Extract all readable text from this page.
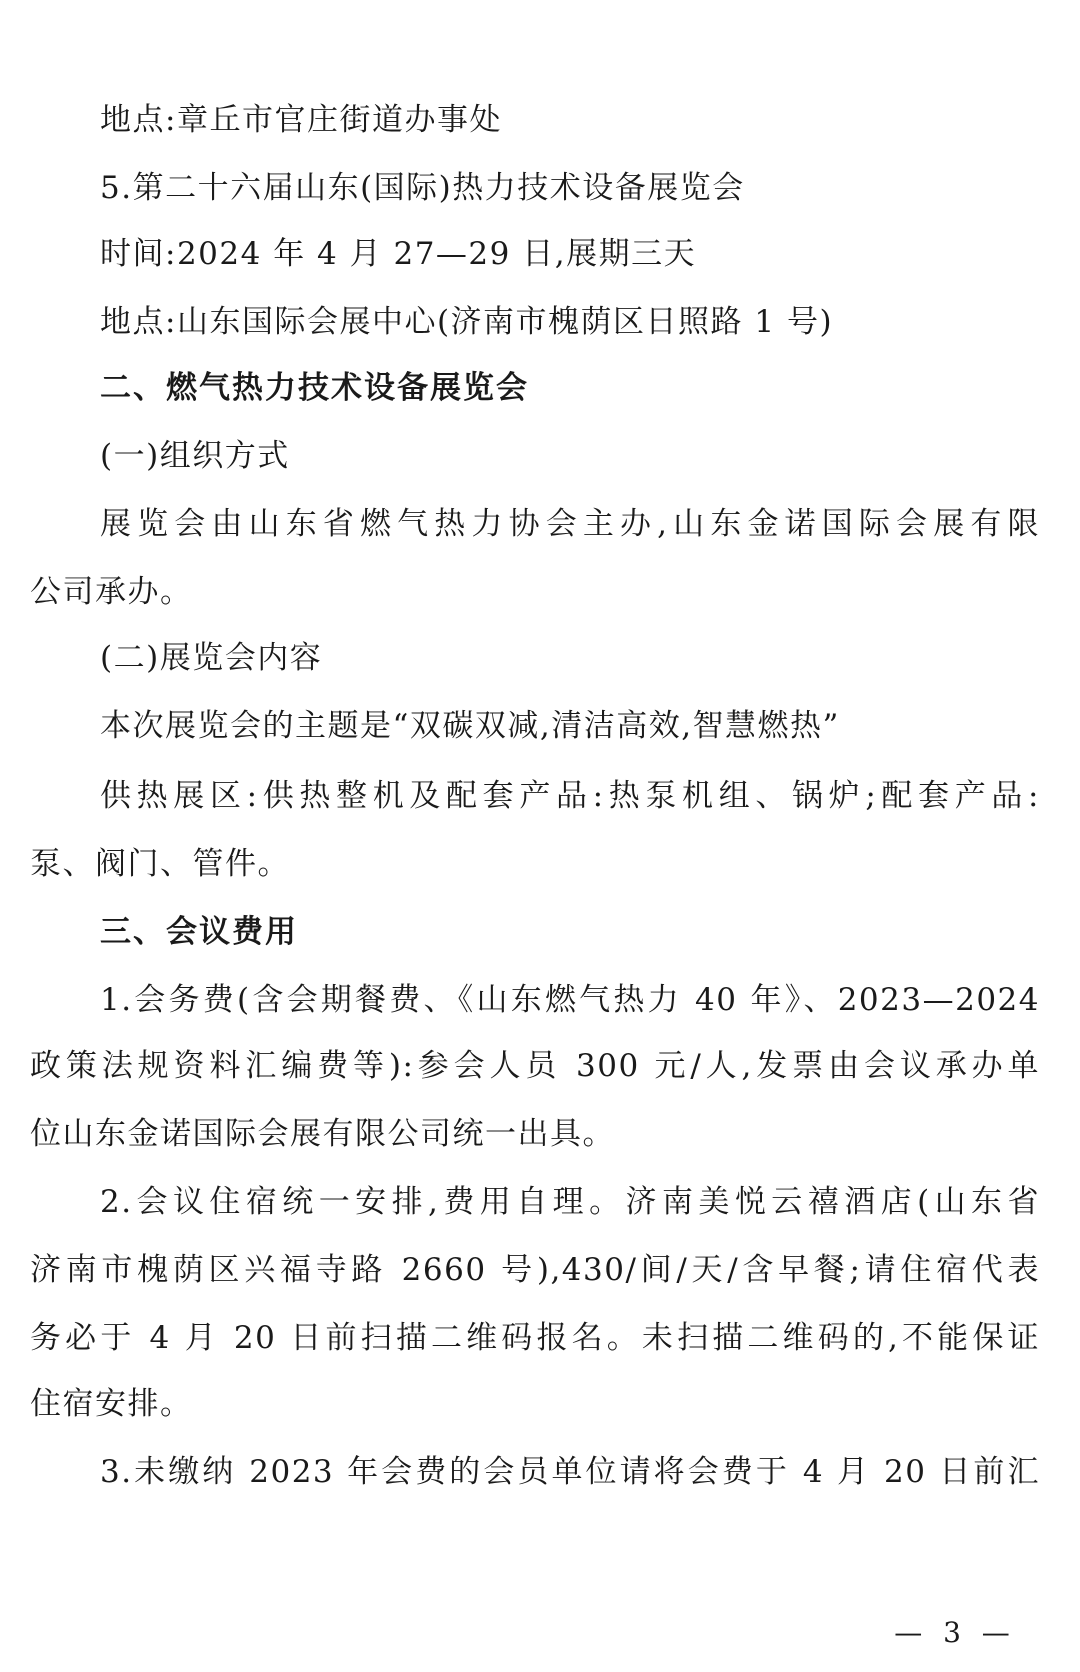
地点:章丘市官庄街道办事处
5.第二十六届山东(国际)热力技术设备展览会
时间:2024 年 4 月 27—29 日,展期三天
地点:山东国际会展中心(济南市槐荫区日照路 1 号)
二、燃气热力技术设备展览会
(一)组织方式
展览会由山东省燃气热力协会主办,山东金诺国际会展有限
公司承办。
(二)展览会内容
本次展览会的主题是“双碳双减,清洁高效,智慧燃热”
供热展区:供热整机及配套产品:热泵机组、锅炉;配套产品:
泵、阀门、管件。
三、会议费用
1.会务费(含会期餐费、《山东燃气热力 40 年》、2023—2024
政策法规资料汇编费等):参会人员 300 元/人,发票由会议承办单
位山东金诺国际会展有限公司统一出具。
2.会议住宿统一安排,费用自理。济南美悦云禧酒店(山东省
济南市槐荫区兴福寺路 2660 号),430/间/天/含早餐;请住宿代表
务必于 4 月 20 日前扫描二维码报名。未扫描二维码的,不能保证
住宿安排。
3.未缴纳 2023 年会费的会员单位请将会费于 4 月 20 日前汇
— 3 —
